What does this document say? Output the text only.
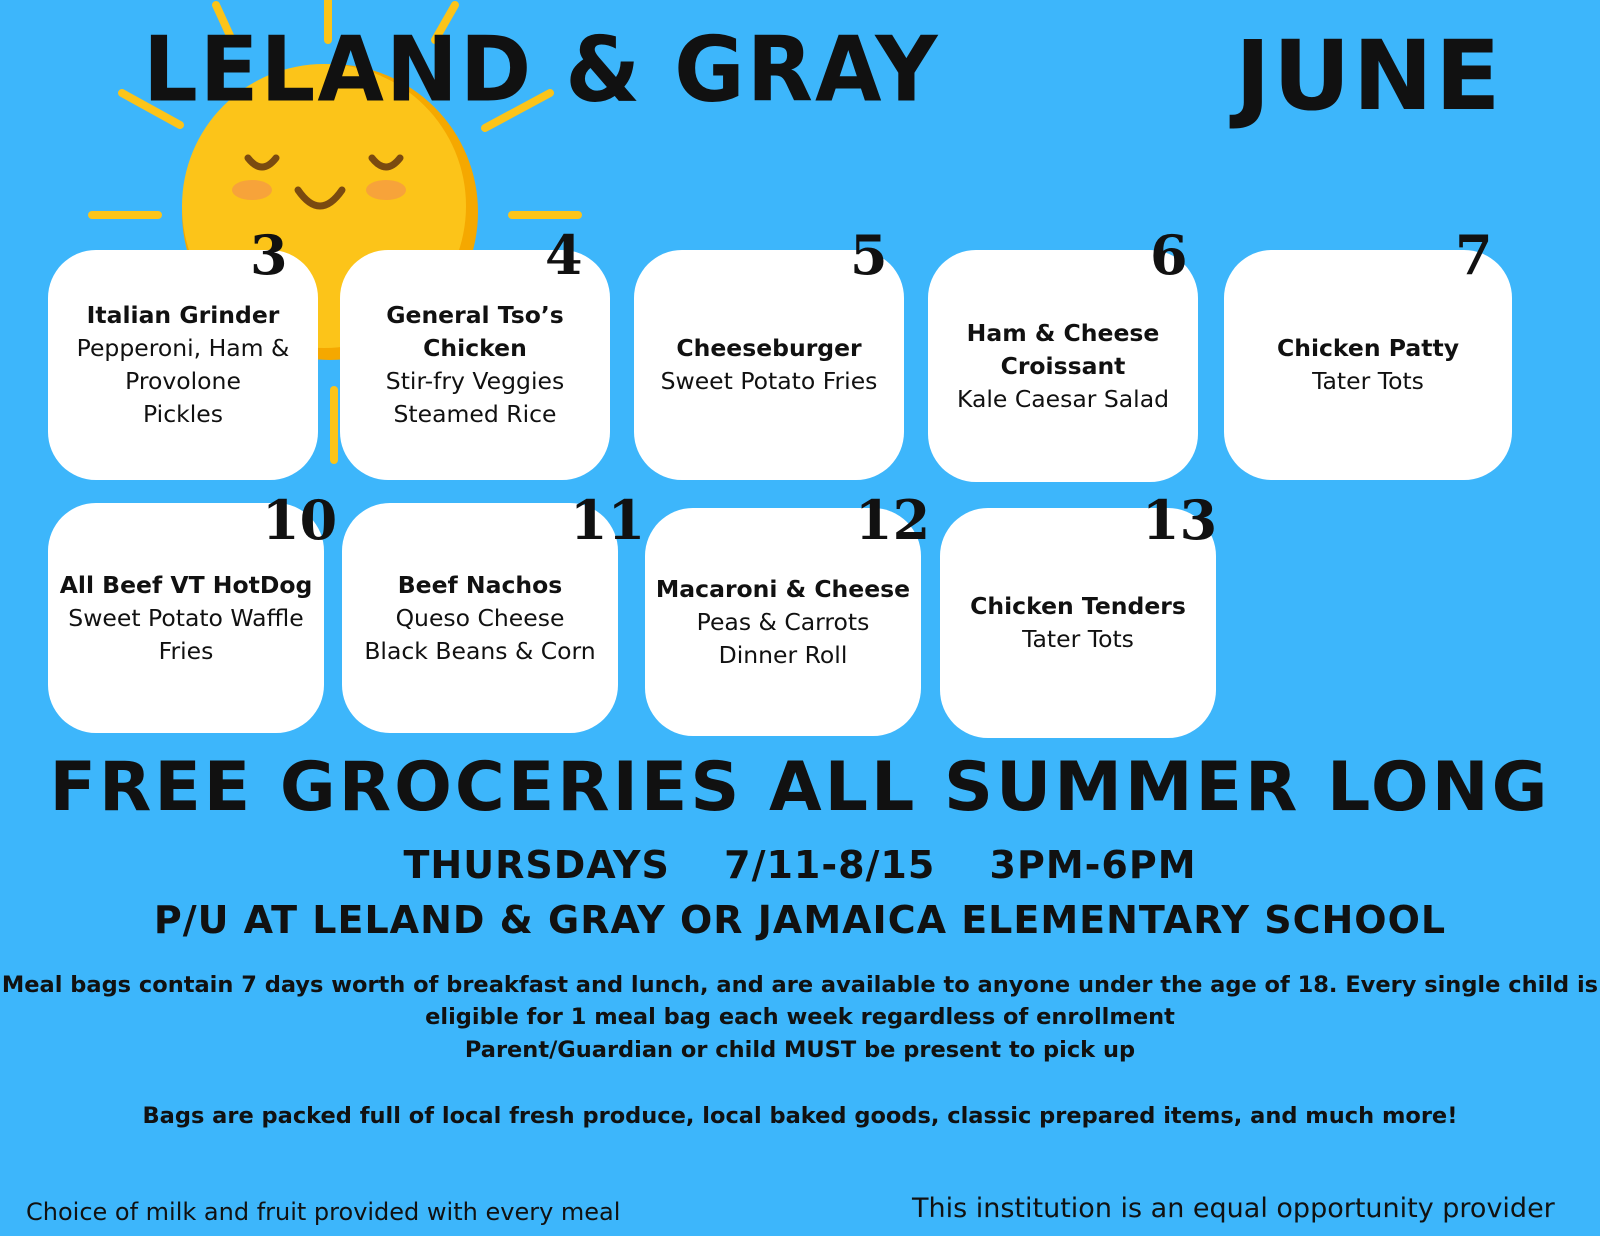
LELAND & GRAY	JUNE
Italian Grinder
Pepperoni, Ham &
Provolone
Pickles
3
General Tso’s
Chicken
Stir-fry Veggies
Steamed Rice
4
Cheeseburger
Sweet Potato Fries
5
Ham & Cheese
Croissant
Kale Caesar Salad
6
Chicken Patty
Tater Tots
7
All Beef VT HotDog
Sweet Potato Waffle
Fries
10
Beef Nachos
Queso Cheese
Black Beans & Corn
11
Macaroni & Cheese
Peas & Carrots
Dinner Roll
12
Chicken Tenders
Tater Tots
13
FREE GROCERIES ALL SUMMER LONG
THURSDAYS 7/11-8/15 3PM-6PM
P/U AT LELAND & GRAY OR JAMAICA ELEMENTARY SCHOOL
Meal bags contain 7 days worth of breakfast and lunch, and are available to anyone under the age of 18. Every single child is
eligible for 1 meal bag each week regardless of enrollment
Parent/Guardian or child MUST be present to pick up
Bags are packed full of local fresh produce, local baked goods, classic prepared items, and much more!
Choice of milk and fruit provided with every meal	This institution is an equal opportunity provider
